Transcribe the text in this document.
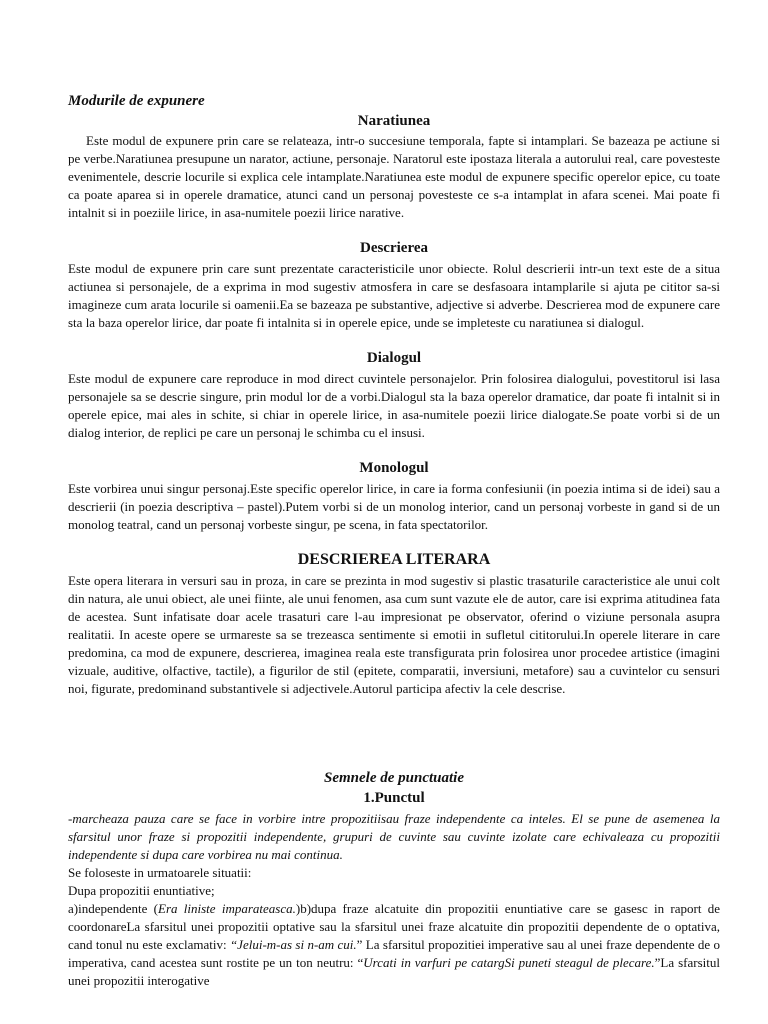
Modurile de expunere
Naratiunea

Este modul de expunere prin care se relateaza, intr-o succesiune temporala, fapte si intamplari. Se bazeaza pe actiune si pe verbe.Naratiunea presupune un narator, actiune, personaje. Naratorul este ipostaza literala a autorului real, care povesteste evenimentele, descrie locurile si explica cele intamplate.Naratiunea este modul de expunere specific operelor epice, cu toate ca poate aparea si in operele dramatice, atunci cand un personaj povesteste ce s-a intamplat in afara scenei. Mai poate fi intalnit si in poeziile lirice, in asa-numitele poezii lirice narative.

Descrierea

Este modul de expunere prin care sunt prezentate caracteristicile unor obiecte. Rolul descrierii intr-un text este de a situa actiunea si personajele, de a exprima in mod sugestiv atmosfera in care se desfasoara intamplarile si ajuta pe cititor sa-si imagineze cum arata locurile si oamenii.Ea se bazeaza pe substantive, adjective si adverbe. Descrierea mod de expunere care sta la baza operelor lirice, dar poate fi intalnita si in operele epice, unde se impleteste cu naratiunea si dialogul.

Dialogul

Este modul de expunere care reproduce in mod direct cuvintele personajelor. Prin folosirea dialogului, povestitorul isi lasa personajele sa se descrie singure, prin modul lor de a vorbi.Dialogul sta la baza operelor dramatice, dar poate fi intalnit si in operele epice, mai ales in schite, si chiar in operele lirice, in asa-numitele poezii lirice dialogate.Se poate vorbi si de un dialog interior, de replici pe care un personaj le schimba cu el insusi.

Monologul

Este vorbirea unui singur personaj.Este specific operelor lirice, in care ia forma confesiunii (in poezia intima si de idei) sau a descrierii (in poezia descriptiva – pastel).Putem vorbi si de un monolog interior, cand un personaj vorbeste in gand si de un monolog teatral, cand un personaj vorbeste singur, pe scena, in fata spectatorilor.

DESCRIEREA LITERARA

Este opera literara in versuri sau in proza, in care se prezinta in mod sugestiv si plastic trasaturile caracteristice ale unui colt din natura, ale unui obiect, ale unei fiinte, ale unui fenomen, asa cum sunt vazute ele de autor, care isi exprima atitudinea fata de acestea. Sunt infatisate doar acele trasaturi care l-au impresionat pe observator, oferind o viziune personala asupra realitatii. In aceste opere se urmareste sa se trezeasca sentimente si emotii in sufletul cititorului.In operele literare in care predomina, ca mod de expunere, descrierea, imaginea reala este transfigurata prin folosirea unor procedee artistice (imagini vizuale, auditive, olfactive, tactile), a figurilor de stil (epitete, comparatii, inversiuni, metafore) sau a cuvintelor cu sensuri noi, figurate, predominand substantivele si adjectivele.Autorul participa afectiv la cele descrise.

Semnele de punctuatie
1.Punctul

-marcheaza pauza care se face in vorbire intre propozitiisau fraze independente ca inteles. El se pune de asemenea la sfarsitul unor fraze si propozitii independente, grupuri de cuvinte sau cuvinte izolate care echivaleaza cu propozitii independente si dupa care vorbirea nu mai continua.

Se foloseste in urmatoarele situatii:

Dupa propozitii enuntiative;

a)independente (Era liniste imparateasca.)b)dupa fraze alcatuite din propozitii enuntiative care se gasesc in raport de coordonareLa sfarsitul unei propozitii optative sau la sfarsitul unei fraze alcatuite din propozitii dependente de o optativa, cand tonul nu este exclamativ: “Jelui-m-as si n-am cui.” La sfarsitul propozitiei imperative sau al unei fraze dependente de o imperativa, cand acestea sunt rostite pe un ton neutru: “Urcati in varfuri pe catargSi puneti steagul de plecare.”La sfarsitul unei propozitii interogative
